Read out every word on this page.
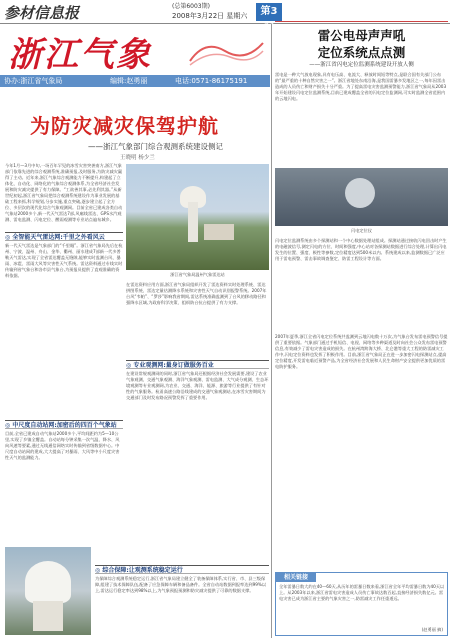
参材信息报	(总第6003期)
2008年3月22日 星期六	第3版
浙江气象
协办:浙江省气象局	编辑:赵勇丽	电话:0571-86175191
为防灾减灾保驾护航
——浙江气象部门综合观测系统建设侧记
王晓明 杨少兰
今年1月—3月中旬,一场百年罕见的冰雪灾害突袭南方,浙江气象部门依靠先进的综合观测系统,准确预报,及时服务,为防灾减灾赢得了主动。近年来,浙江气象综合观测能力不断提升,构建起了立体化、自动化、网络化的气象综合观测体系,为全省经济社会发展和防灾减灾提供了有力保障。“工欲善其事,必先利其器。”从新世纪初起,浙江省气象局把综合观测系统建设作为事业发展的基础工程来抓,科学规划,分步实施,重点突破,逐步建立起了全方位、多层次的现代化综合气象观测网。目前全省已建成各类自动气象站2000多个,新一代天气雷达7部,风廓线雷达、GPS水汽观测、雷电监测、闪电定位、酸雨观测等专业站点遍布城乡。
◎ 全智能天气雷达网:千里之外看风云
新一代天气雷达是气象部门的“千里眼”。浙江省气象局先后在杭州、宁波、温州、舟山、金华、衢州、丽水建成7部新一代多普勒天气雷达,实现了全省雷达覆盖无缝隙,能够实时监测台风、暴雨、冰雹、雷雨大风等灾害性天气系统。雷达资料通过专线实时传输到省气象台和各市县气象台,为预报员提供了直观准确的资料依据。	浙江省气象局温州气象雷达站
在雷达资料应用方面,浙江省气象局组织开发了雷达资料实时处理系统、雷达拼图系统、雷达定量估测降水系统和灾害性天气自动识别报警系统。2007年台风“韦帕”、“罗莎”影响我省期间,雷达系统准确监测到了台风的移动路径和强降水区域,为政府科学决策、组织防台抗台提供了有力支撑。
◎ 专业观测网:量身订做服务百业
在建设常规观测网的同时,浙江省气象局还根据经济社会发展需要,建设了农业气象观测、交通气象观测、海洋气象观测、雷电监测、大气成分观测、生态环境观测等专业观测网,为农业、交通、海洋、能源、旅游等行业提供了有针对性的气象服务。杭甬高速公路沿线建成的交通气象观测站,在冰雪灾害期间为交通部门及时发布路况预警发挥了重要作用。
◎ 中尺度自动站网:加密后的四百个气象站
目前,全省已建成自动气象站2000多个,平均间距约为5—10公里,实现了乡镇全覆盖。自动站每分钟采集一次气温、降水、风向风速等要素,通过无线通信网络实时传输到省级数据中心。中尺度自动站网的建成,大大提高了对暴雨、大风等中小尺度灾害性天气的监测能力。
◎ 综合保障:让观测系统稳定运行
为保障综合观测系统稳定运行,浙江省气象局建立健全了装备保障体系,实行省、市、县三级保障,组建了技术保障队伍,配备了应急保障车辆和备品备件。全省自动站数据到报率达到99%以上,雷达运行稳定率达到98%以上,为气象预报预测和防灾减灾提供了可靠的数据支撑。
雷公电母声声吼
定位系统点点测
——浙江省闪电定位监测系统建设开放人侧
雷电是一种大气放电现象,具有电压高、电流大、释放时间短等特点,是联合国有关部门公布的“最严重的十种自然灾害之一”。浙江省地处东南沿海,是我国雷暴多发地区之一,每年因雷击造成的人员伤亡和财产损失十分严重。为了提高雷电灾害监测预警能力,浙江省气象局从2003年开始建设闪电定位监测系统,目前已建成覆盖全省的闪电定位监测网,可实时监测全省范围内的云地闪电。
闪电定位仪
闪电定位监测系统由多个探测站和一个中心数据处理站组成。探测站通过接收闪电回击时产生的电磁波信号,测定闪电的方位、时间和强度,中心站对各探测站数据进行综合处理,计算出闪电发生的位置、强度、极性等参数,定位精度达到500米以内。系统建成以来,监测数据已广泛应用于雷电预警、雷击事故调查鉴定、防雷工程设计等方面。
2007年夏季,浙江全省闪电定位系统共监测到云地闪电数十万次,为气象台发布雷电预警信号提供了重要依据。气象部门通过手机短信、电视、网络等多种渠道及时向社会公众发布雷电预警信息,有效减少了雷电灾害造成的损失。在杭州湾跨海大桥、北仑港等重大工程的防雷减灾工作中,闪电定位资料也发挥了积极作用。目前,浙江省气象局正在进一步加密闪电探测站点,提高定位精度,开发雷电临近预警产品,为全省经济社会发展和人民生命财产安全提供更加优质的雷电防护服务。
相关链接
全年雷暴日数大约在40—60天,从历年的雷暴日数来看,浙江省全年平均雷暴日数为40天以上。从2003年以来,浙江省雷电灾害造成人员伤亡事故达数百起,直接经济损失数亿元。雷电灾害已成为浙江省主要的气象灾害之一,防雷减灾工作任重道远。
(赵勇丽 摘)
